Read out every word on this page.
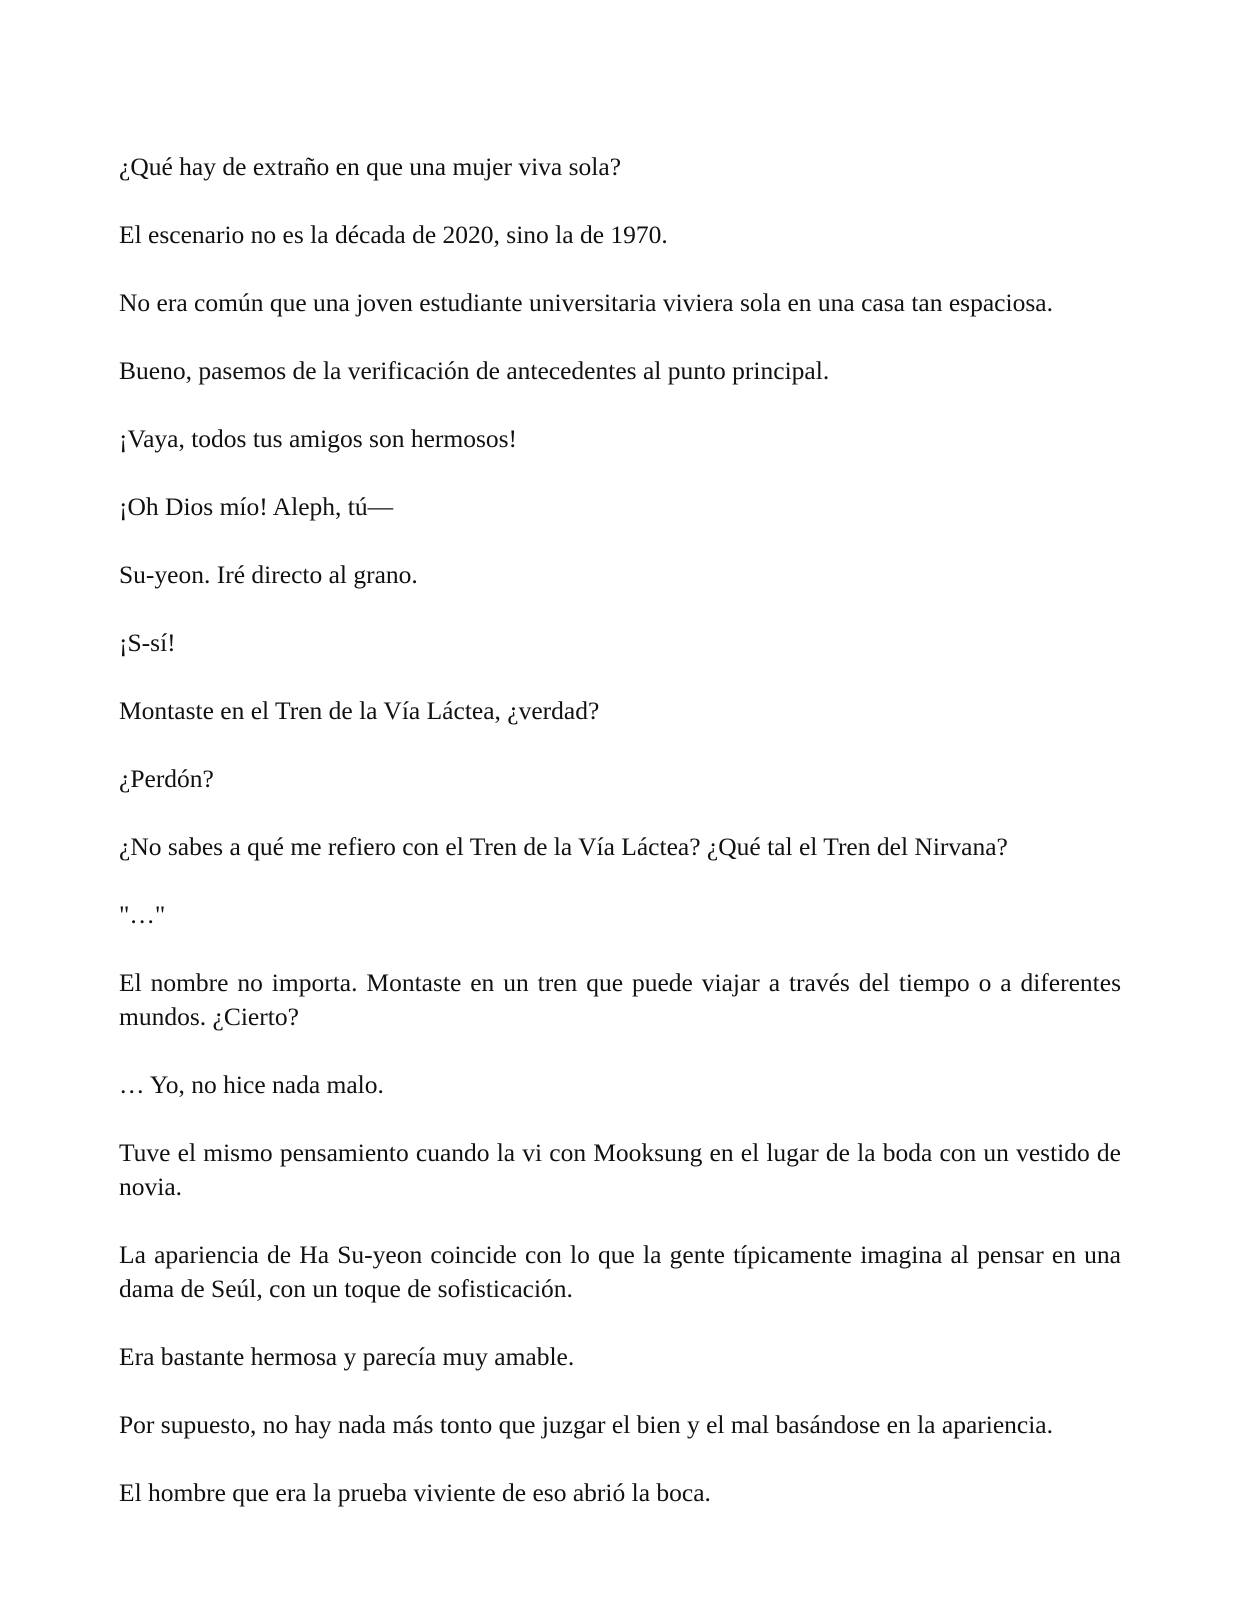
¿Qué hay de extraño en que una mujer viva sola?

El escenario no es la década de 2020, sino la de 1970.

No era común que una joven estudiante universitaria viviera sola en una casa tan espaciosa.

Bueno, pasemos de la verificación de antecedentes al punto principal.

¡Vaya, todos tus amigos son hermosos!

¡Oh Dios mío! Aleph, tú—

Su-yeon. Iré directo al grano.

¡S-sí!

Montaste en el Tren de la Vía Láctea, ¿verdad?

¿Perdón?

¿No sabes a qué me refiero con el Tren de la Vía Láctea? ¿Qué tal el Tren del Nirvana?

"…"

El nombre no importa. Montaste en un tren que puede viajar a través del tiempo o a diferentes mundos. ¿Cierto?

… Yo, no hice nada malo.

Tuve el mismo pensamiento cuando la vi con Mooksung en el lugar de la boda con un vestido de novia.

La apariencia de Ha Su-yeon coincide con lo que la gente típicamente imagina al pensar en una dama de Seúl, con un toque de sofisticación.

Era bastante hermosa y parecía muy amable.

Por supuesto, no hay nada más tonto que juzgar el bien y el mal basándose en la apariencia.

El hombre que era la prueba viviente de eso abrió la boca.
